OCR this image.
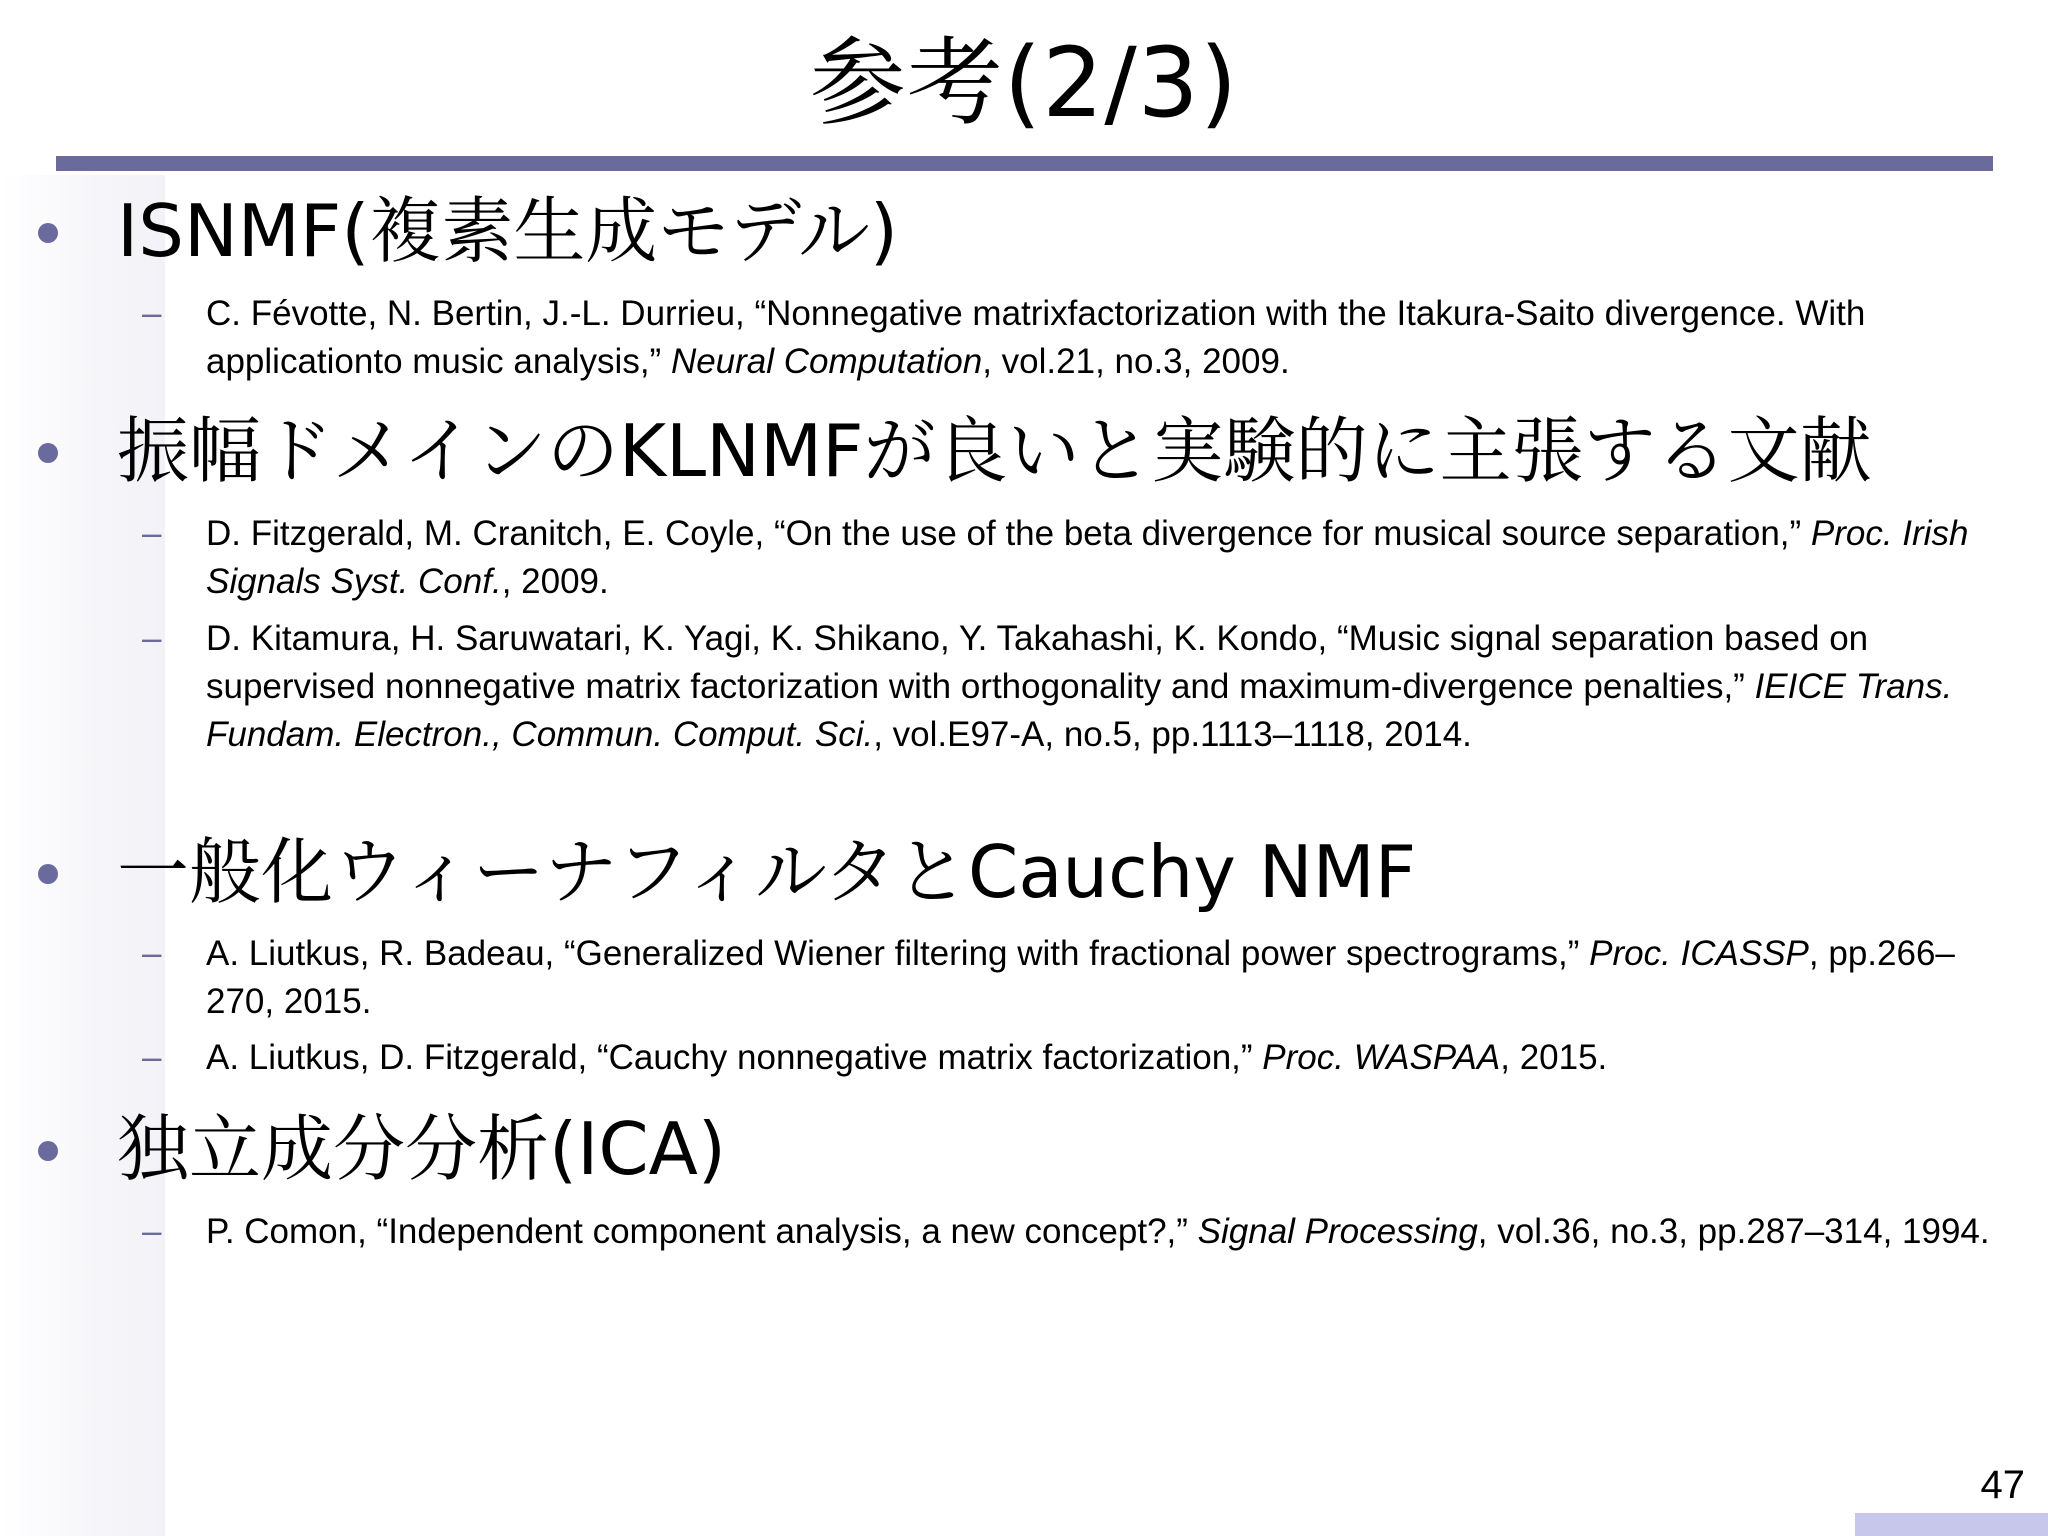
参考(2/3)
ISNMF(複素生成モデル)
– C. Févotte, N. Bertin, J.-L. Durrieu, “Nonnegative matrixfactorization with the Itakura-Saito divergence. With applicationto music analysis,” Neural Computation, vol.21, no.3, 2009.
振幅ドメインのKLNMFが良いと実験的に主張する文献
– D. Fitzgerald, M. Cranitch, E. Coyle, “On the use of the beta divergence for musical source separation,” Proc. Irish Signals Syst. Conf., 2009.
– D. Kitamura, H. Saruwatari, K. Yagi, K. Shikano, Y. Takahashi, K. Kondo, “Music signal separation based on supervised nonnegative matrix factorization with orthogonality and maximum-divergence penalties,” IEICE Trans. Fundam. Electron., Commun. Comput. Sci., vol.E97-A, no.5, pp.1113–1118, 2014.
一般化ウィーナフィルタとCauchy NMF
– A. Liutkus, R. Badeau, “Generalized Wiener filtering with fractional power spectrograms,” Proc. ICASSP, pp.266–270, 2015.
– A. Liutkus, D. Fitzgerald, “Cauchy nonnegative matrix factorization,” Proc. WASPAA, 2015.
独立成分分析(ICA)
– P. Comon, “Independent component analysis, a new concept?,” Signal Processing, vol.36, no.3, pp.287–314, 1994.
47
